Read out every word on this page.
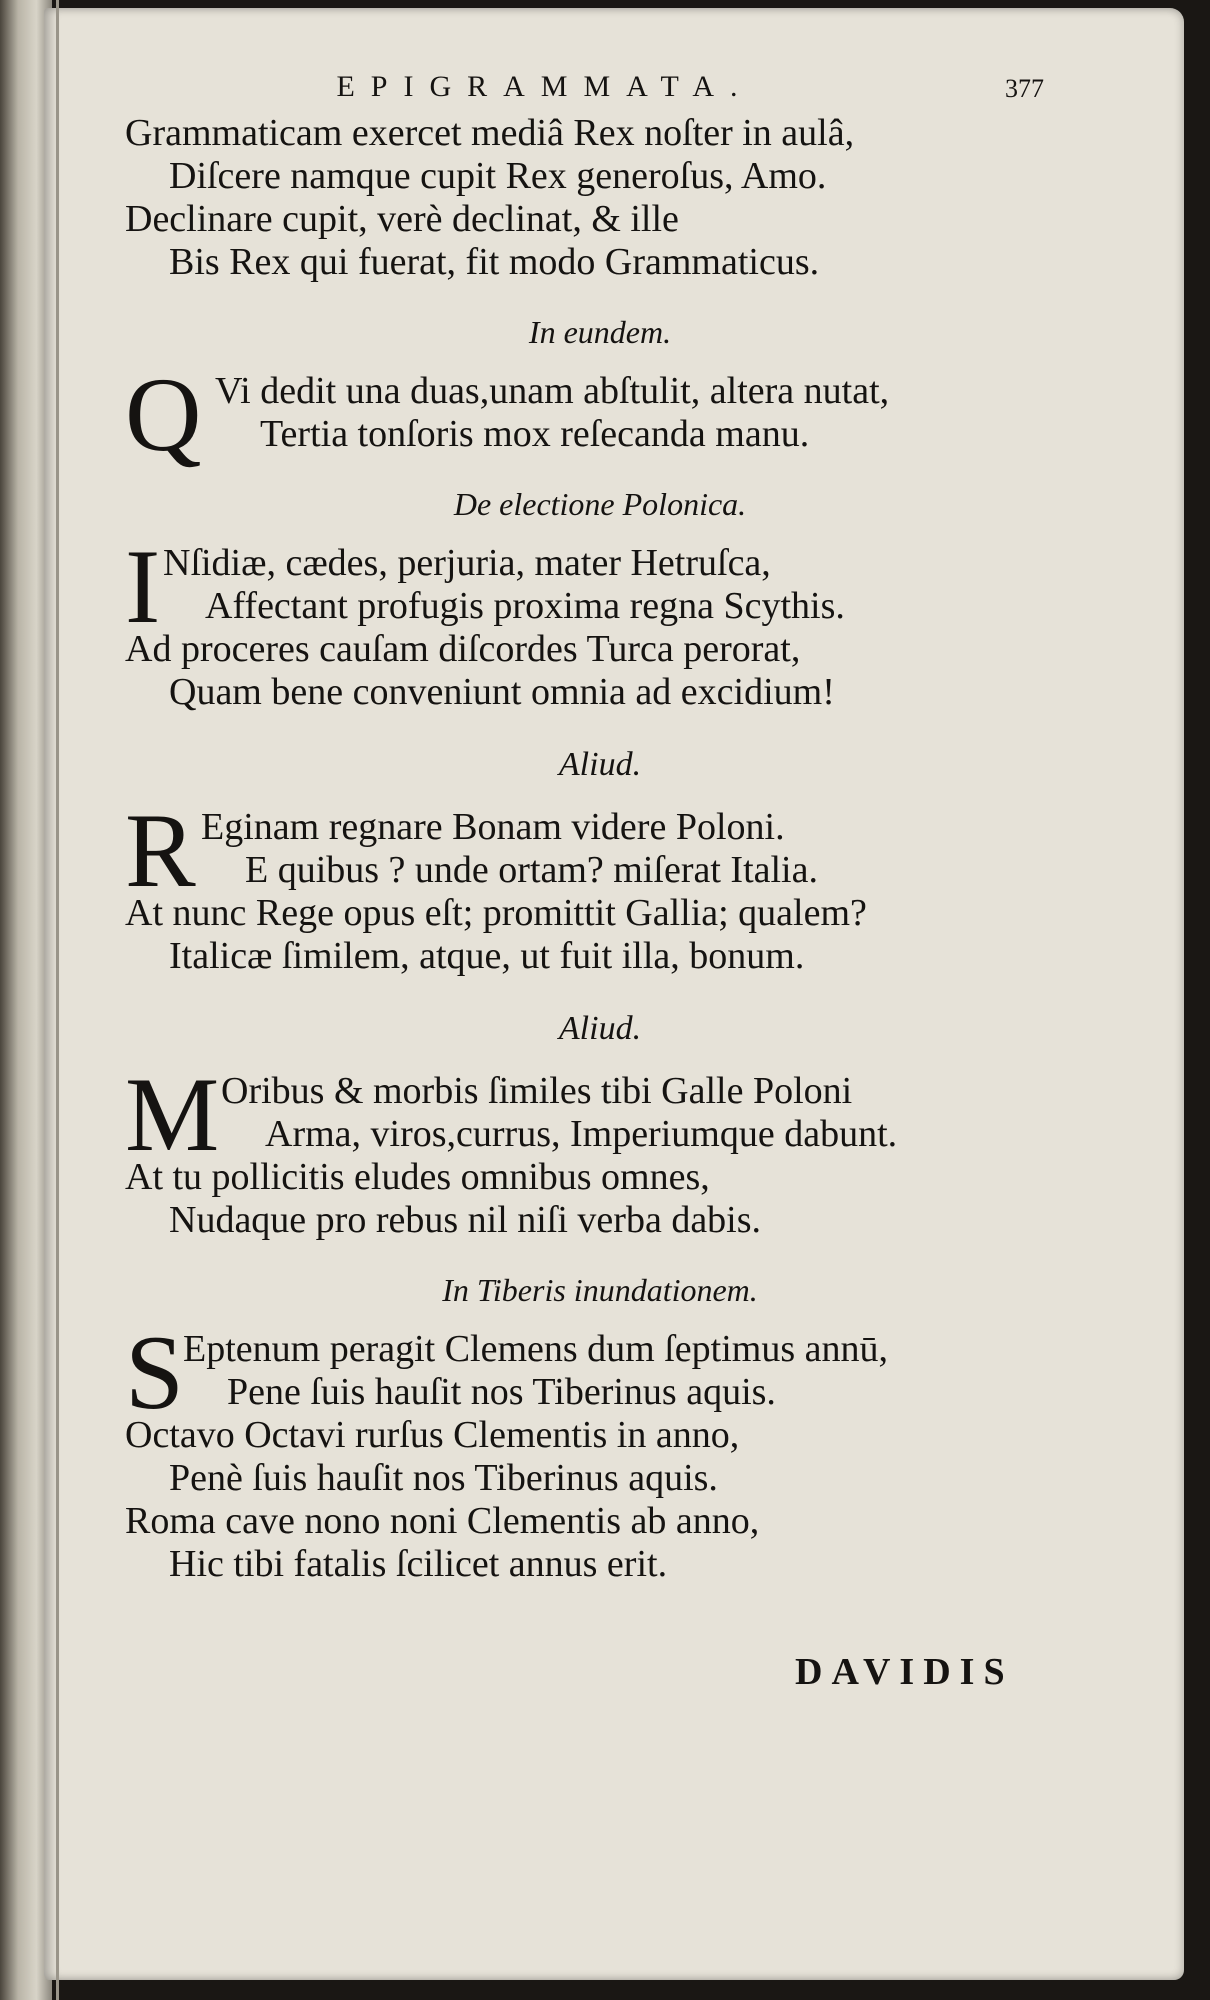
EPIGRAMMATA.	377
Grammaticam exercet mediâ Rex noſter in aulâ,
Diſcere namque cupit Rex generoſus, Amo.
Declinare cupit, verè declinat, & ille
Bis Rex qui fuerat, fit modo Grammaticus.
In eundem.
Q Vi dedit una duas,unam abſtulit, altera nutat,
Tertia tonſoris mox reſecanda manu.
De electione Polonica.
I Nſidiæ, cædes, perjuria, mater Hetruſca,
Affectant profugis proxima regna Scythis.
Ad proceres cauſam diſcordes Turca perorat,
Quam bene conveniunt omnia ad excidium!
Aliud.
R Eginam regnare Bonam videre Poloni.
E quibus ? unde ortam? miſerat Italia.
At nunc Rege opus eſt; promittit Gallia; qualem?
Italicæ ſimilem, atque, ut fuit illa, bonum.
Aliud.
M Oribus & morbis ſimiles tibi Galle Poloni
Arma, viros,currus, Imperiumque dabunt.
At tu pollicitis eludes omnibus omnes,
Nudaque pro rebus nil niſi verba dabis.
In Tiberis inundationem.
S Eptenum peragit Clemens dum ſeptimus annū,
Pene ſuis hauſit nos Tiberinus aquis.
Octavo Octavi rurſus Clementis in anno,
Penè ſuis hauſit nos Tiberinus aquis.
Roma cave nono noni Clementis ab anno,
Hic tibi fatalis ſcilicet annus erit.
DAVIDIS
